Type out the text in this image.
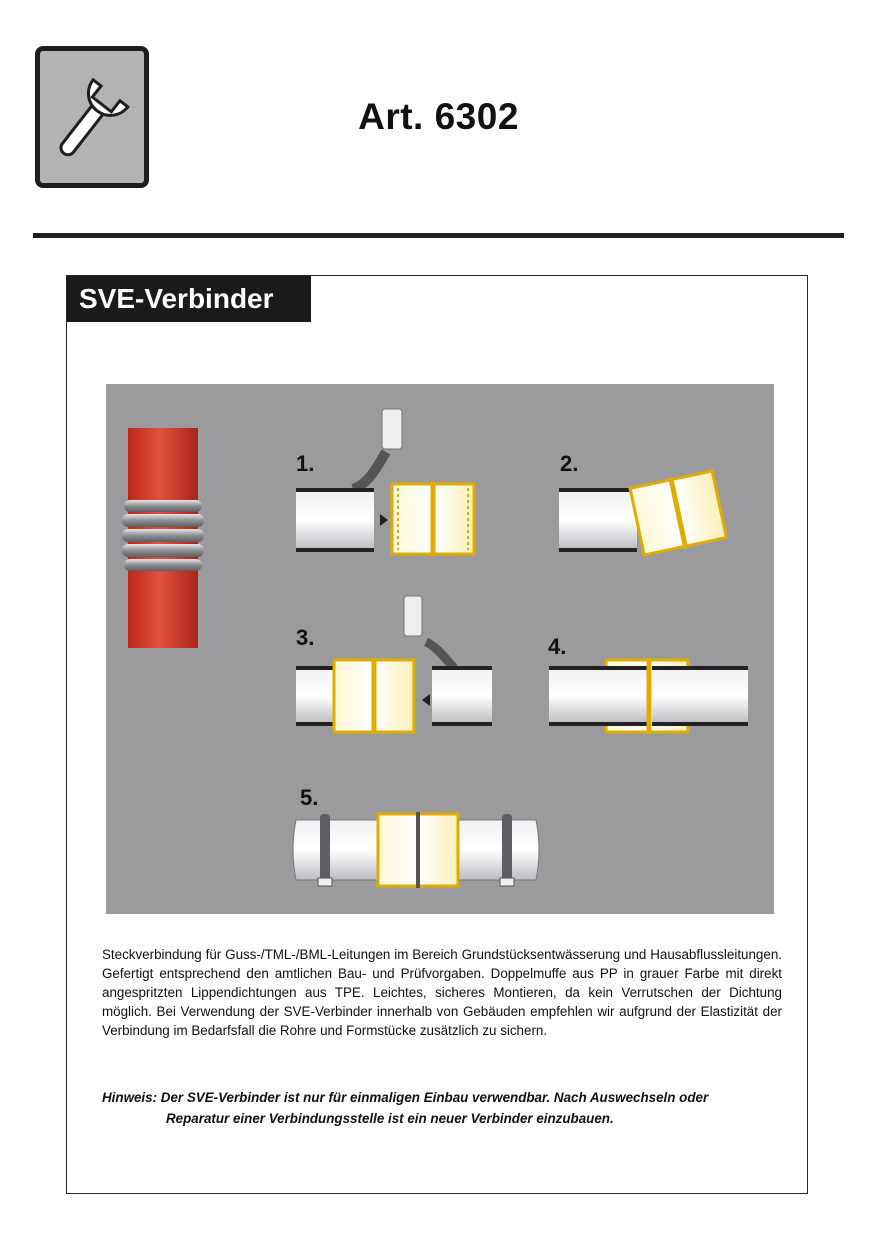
Art. 6302
SVE-Verbinder
1.	2.
3.	4.
5.

Steckverbindung für Guss-/TML-/BML-Leitungen im Bereich Grundstücksentwässerung und Hausabflussleitungen. Gefertigt entsprechend den amtlichen Bau- und Prüfvorgaben. Doppelmuffe aus PP in grauer Farbe mit direkt angespritzten Lippendichtungen aus TPE. Leichtes, sicheres Montieren, da kein Verrutschen der Dichtung möglich. Bei Verwendung der SVE-Verbinder innerhalb von Gebäuden empfehlen wir aufgrund der Elastizität der Verbindung im Bedarfsfall die Rohre und Formstücke zusätzlich zu sichern.

Hinweis: Der SVE-Verbinder ist nur für einmaligen Einbau verwendbar. Nach Auswechseln oder
Reparatur einer Verbindungsstelle ist ein neuer Verbinder einzubauen.
